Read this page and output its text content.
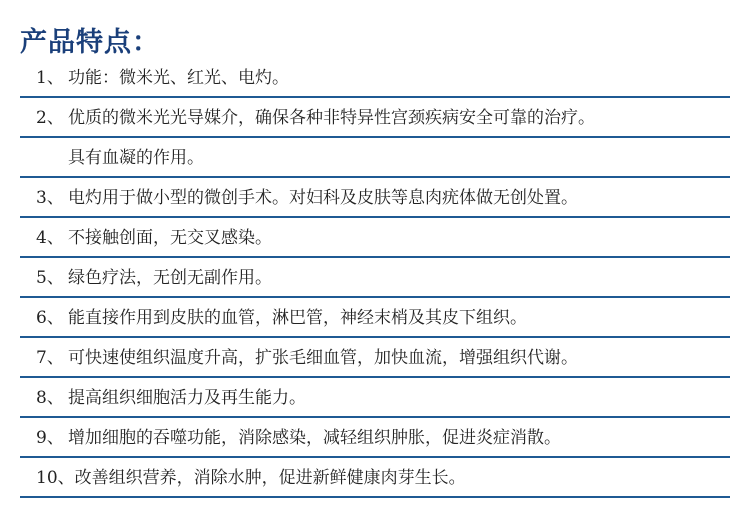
产品特点：
1、 功能：微米光、红光、电灼。
2、 优质的微米光光导媒介，确保各种非特异性宫颈疾病安全可靠的治疗。
具有血凝的作用。
3、 电灼用于做小型的微创手术。对妇科及皮肤等息肉疣体做无创处置。
4、 不接触创面，无交叉感染。
5、 绿色疗法，无创无副作用。
6、 能直接作用到皮肤的血管，淋巴管，神经末梢及其皮下组织。
7、 可快速使组织温度升高，扩张毛细血管，加快血流，增强组织代谢。
8、 提高组织细胞活力及再生能力。
9、 增加细胞的吞噬功能，消除感染，减轻组织肿胀，促进炎症消散。
10、改善组织营养，消除水肿，促进新鲜健康肉芽生长。
